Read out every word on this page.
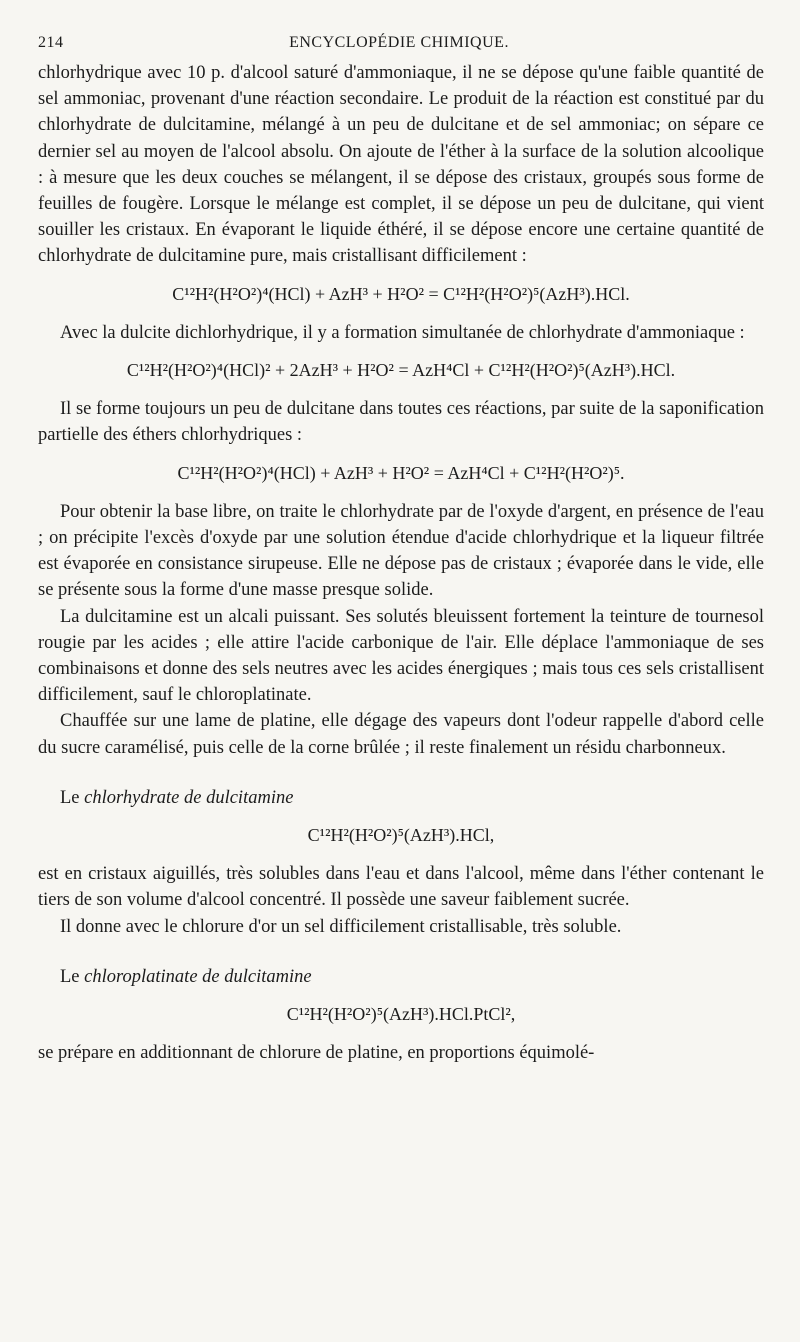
214	ENCYCLOPÉDIE CHIMIQUE.

chlorhydrique avec 10 p. d'alcool saturé d'ammoniaque, il ne se dépose qu'une faible quantité de sel ammoniac, provenant d'une réaction secondaire. Le produit de la réaction est constitué par du chlorhydrate de dulcitamine, mélangé à un peu de dulcitane et de sel ammoniac; on sépare ce dernier sel au moyen de l'alcool absolu. On ajoute de l'éther à la surface de la solution alcoolique : à mesure que les deux couches se mélangent, il se dépose des cristaux, groupés sous forme de feuilles de fougère. Lorsque le mélange est complet, il se dépose un peu de dulcitane, qui vient souiller les cristaux. En évaporant le liquide éthéré, il se dépose encore une certaine quantité de chlorhydrate de dulcitamine pure, mais cristallisant difficilement :

C¹²H²(H²O²)⁴(HCl) + AzH³ + H²O² = C¹²H²(H²O²)⁵(AzH³).HCl.

Avec la dulcite dichlorhydrique, il y a formation simultanée de chlorhydrate d'ammoniaque :

C¹²H²(H²O²)⁴(HCl)² + 2AzH³ + H²O² = AzH⁴Cl + C¹²H²(H²O²)⁵(AzH³).HCl.

Il se forme toujours un peu de dulcitane dans toutes ces réactions, par suite de la saponification partielle des éthers chlorhydriques :

C¹²H²(H²O²)⁴(HCl) + AzH³ + H²O² = AzH⁴Cl + C¹²H²(H²O²)⁵.

Pour obtenir la base libre, on traite le chlorhydrate par de l'oxyde d'argent, en présence de l'eau ; on précipite l'excès d'oxyde par une solution étendue d'acide chlorhydrique et la liqueur filtrée est évaporée en consistance sirupeuse. Elle ne dépose pas de cristaux ; évaporée dans le vide, elle se présente sous la forme d'une masse presque solide.

La dulcitamine est un alcali puissant. Ses solutés bleuissent fortement la teinture de tournesol rougie par les acides ; elle attire l'acide carbonique de l'air. Elle déplace l'ammoniaque de ses combinaisons et donne des sels neutres avec les acides énergiques ; mais tous ces sels cristallisent difficilement, sauf le chloroplatinate.

Chauffée sur une lame de platine, elle dégage des vapeurs dont l'odeur rappelle d'abord celle du sucre caramélisé, puis celle de la corne brûlée ; il reste finalement un résidu charbonneux.

Le chlorhydrate de dulcitamine

C¹²H²(H²O²)⁵(AzH³).HCl,

est en cristaux aiguillés, très solubles dans l'eau et dans l'alcool, même dans l'éther contenant le tiers de son volume d'alcool concentré. Il possède une saveur faiblement sucrée.

Il donne avec le chlorure d'or un sel difficilement cristallisable, très soluble.

Le chloroplatinate de dulcitamine

C¹²H²(H²O²)⁵(AzH³).HCl.PtCl²,

se prépare en additionnant de chlorure de platine, en proportions équimolé-
